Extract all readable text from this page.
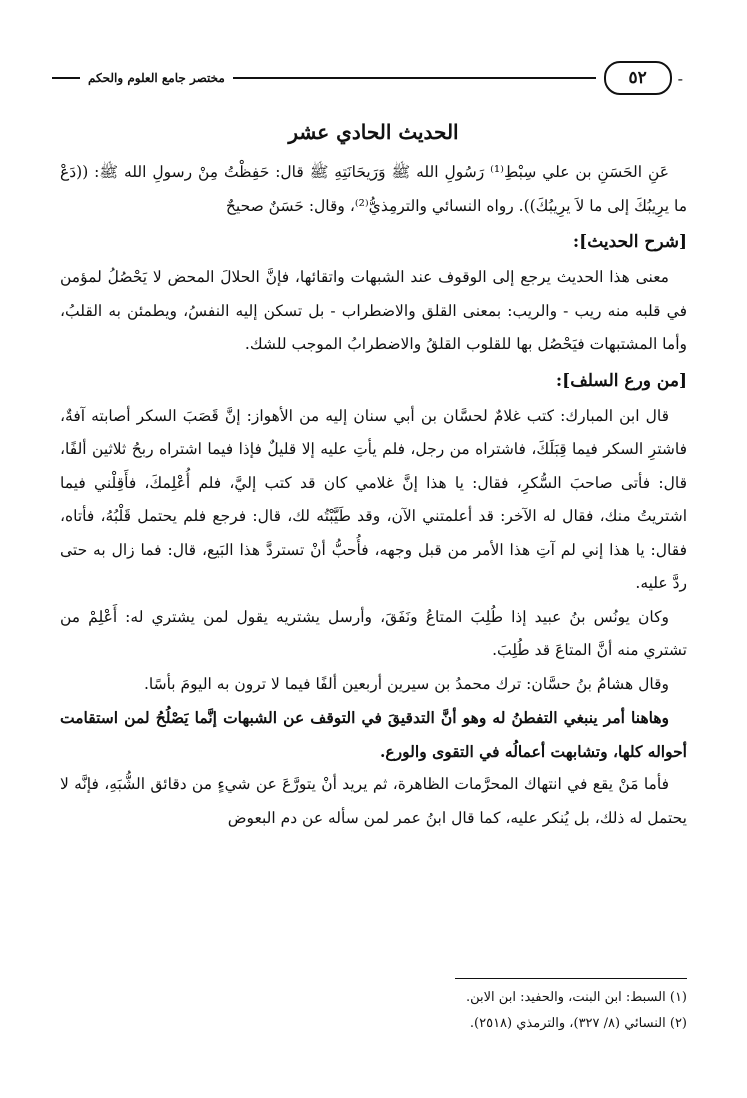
-
٥٢
مختصر جامع العلوم والحكم
الحديث الحادي عشر

عَنِ الحَسَنِ بن علي سِبْطِ⁽¹⁾ رَسُولِ الله ﷺ وَرَيحَانَتِهِ ﷺ قال: حَفِظْتُ مِنْ رسولِ الله ﷺ: ((دَعْ ما يرِيبُكَ إلى ما لاَ يرِيبُكَ)). رواه النسائي والترمِذيُّ⁽²⁾، وقال: حَسَنٌ صحيحٌ

[شرح الحديث]:

معنى هذا الحديث يرجع إلى الوقوف عند الشبهات واتقائها، فإنَّ الحلالَ المحض لا يَحْصُلُ لمؤمن في قلبه منه ريب - والريب: بمعنى القلق والاضطراب - بل تسكن إليه النفسُ، ويطمئن به القلبُ، وأما المشتبهات فيَحْصُل بها للقلوب القلقُ والاضطرابُ الموجب للشك.

[من ورع السلف]:

قال ابن المبارك: كتب غلامٌ لحسَّان بن أبي سنان إليه من الأهواز: إنَّ قَصَبَ السكر أصابته آفةٌ، فاشترِ السكر فيما قِبَلَكَ، فاشتراه من رجل، فلم يأتِ عليه إلا قليلٌ فإذا فيما اشتراه ربحُ ثلاثين ألفًا، قال: فأتى صاحبَ السُّكرِ، فقال: يا هذا إنَّ غلامي كان قد كتب إليَّ، فلم أُعْلِمكَ، فأَقِلْني فيما اشتريتُ منك، فقال له الآخر: قد أعلمتني الآن، وقد طَيَّبْتُه لك، قال: فرجع فلم يحتمل قَلْبُهُ، فأتاه، فقال: يا هذا إني لم آتِ هذا الأمر من قبل وجهه، فأُحبُّ أنْ تستردَّ هذا البَيع، قال: فما زال به حتى ردَّ عليه.

وكان يونُس بنُ عبيد إذا طُلِبَ المتاعُ ونَفَقَ، وأرسل يشتريه يقول لمن يشتري له: أَعْلِمْ من تشتري منه أنَّ المتاعَ قد طُلِبَ.

وقال هشامُ بنُ حسَّان: ترك محمدُ بن سيرين أربعين ألفًا فيما لا ترون به اليومَ بأسًا.

وهاهنا أمر ينبغي التفطنُ له وهو أنَّ التدقيقَ في التوقف عن الشبهات إنَّما يَصْلُحُ لمن استقامت أحواله كلها، وتشابهت أعمالُه في التقوى والورع.

فأما مَنْ يقع في انتهاك المحرَّمات الظاهرة، ثم يريد أنْ يتورَّعَ عن شيءٍ من دقائق الشُّبَهِ، فإنَّه لا يحتمل له ذلك، بل يُنكر عليه، كما قال ابنُ عمر لمن سأله عن دم البعوض

(١) السبط: ابن البنت، والحفيد: ابن الابن.

(٢) النسائي (٨/ ٣٢٧)، والترمذي (٢٥١٨).
